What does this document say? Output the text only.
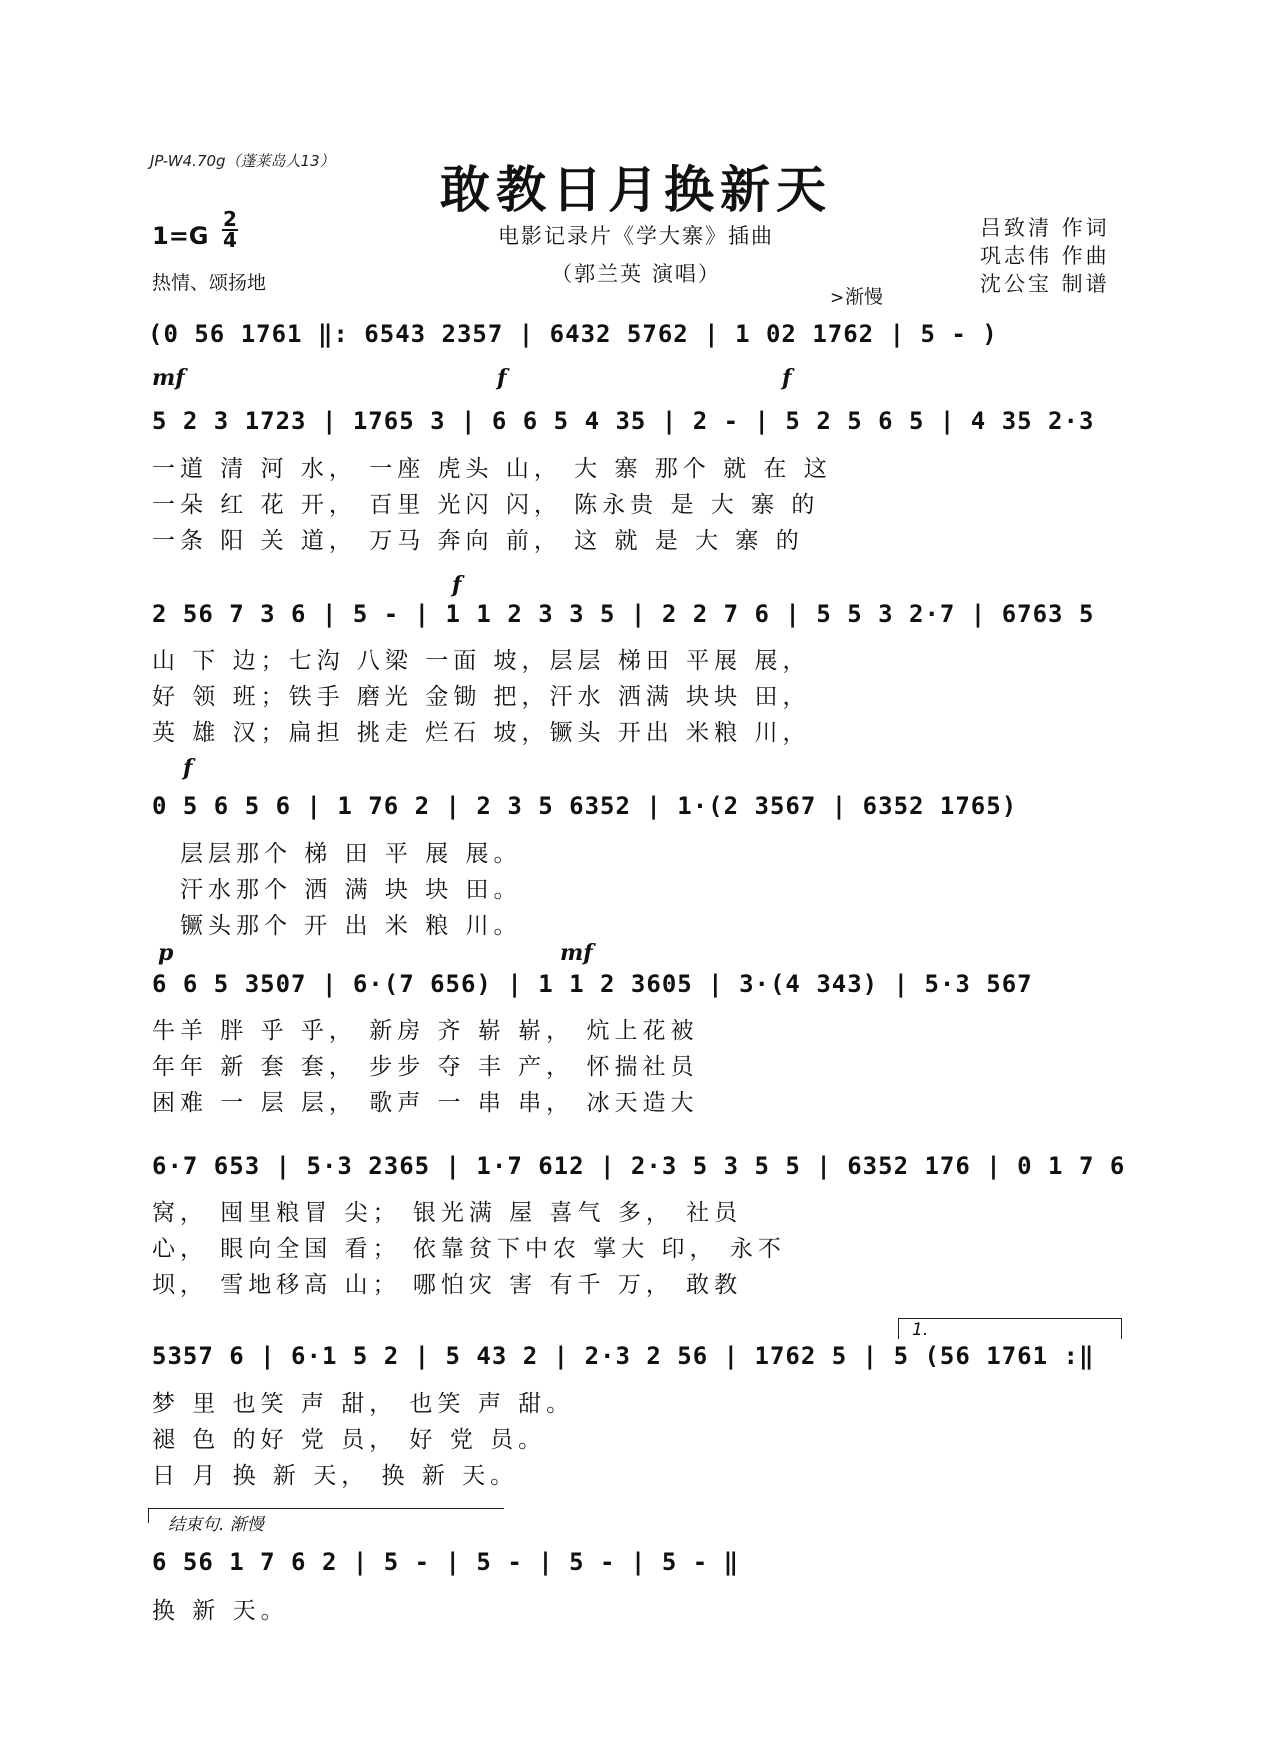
JP-W4.70g（蓬莱岛人13）	敢教日月换新天
1=G
2
4
热情、颂扬地
电影记录片《学大寨》插曲
（郭兰英 演唱）
吕致清 作词
巩志伟 作曲
沈公宝 制谱
> 渐慢
(0 56 1761 ‖: 6543 2357 | 6432 5762 | 1 02 1762 | 5 - )
mf	f	f
5 2 3 1723 | 1765 3 | 6 6 5 4 35 | 2 - | 5 2 5 6 5 | 4 35 2·3
一道 清 河 水， 一座 虎头 山， 大 寨 那个 就 在 这
一朵 红 花 开， 百里 光闪 闪， 陈永贵 是 大 寨 的
一条 阳 关 道， 万马 奔向 前， 这 就 是 大 寨 的
f
2 56 7 3 6 | 5 - | 1 1 2 3 3 5 | 2 2 7 6 | 5 5 3 2·7 | 6763 5
山 下 边；七沟 八梁 一面 坡，层层 梯田 平展 展，
好 领 班；铁手 磨光 金锄 把，汗水 洒满 块块 田，
英 雄 汉；扁担 挑走 烂石 坡，镢头 开出 米粮 川，
f
0 5 6 5 6 | 1 76 2 | 2 3 5 6352 | 1·(2 3567 | 6352 1765)
层层那个 梯 田 平 展 展。
汗水那个 洒 满 块 块 田。
镢头那个 开 出 米 粮 川。
p	mf
6 6 5 3507 | 6·(7 656) | 1 1 2 3605 | 3·(4 343) | 5·3 567
牛羊 胖 乎 乎， 新房 齐 崭 崭， 炕上花被
年年 新 套 套， 步步 夺 丰 产， 怀揣社员
困难 一 层 层， 歌声 一 串 串， 冰天造大
6·7 653 | 5·3 2365 | 1·7 612 | 2·3 5 3 5 5 | 6352 176 | 0 1 7 6
窝， 囤里粮冒 尖； 银光满 屋 喜气 多， 社员
心， 眼向全国 看； 依靠贫下中农 掌大 印， 永不
坝， 雪地移高 山； 哪怕灾 害 有千 万， 敢教
1.
5357 6 | 6·1 5 2 | 5 43 2 | 2·3 2 56 | 1762 5 | 5 (56 1761 :‖
梦 里 也笑 声 甜， 也笑 声 甜。
褪 色 的好 党 员， 好 党 员。
日 月 换 新 天， 换 新 天。
结束句. 渐慢
6 56 1 7 6 2 | 5 - | 5 - | 5 - | 5 - ‖
换 新 天。
